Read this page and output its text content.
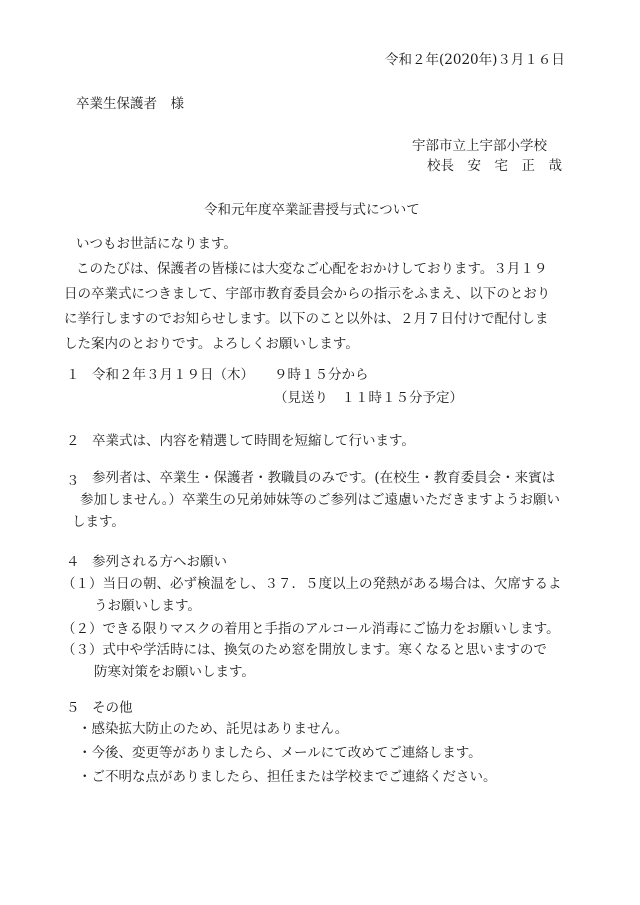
令和２年(2020年)３月１６日
卒業生保護者　様
宇部市立上宇部小学校
校長　安　宅　正　哉
令和元年度卒業証書授与式について
いつもお世話になります。
このたびは、保護者の皆様には大変なご心配をおかけしております。３月１９
日の卒業式につきまして、宇部市教育委員会からの指示をふまえ、以下のとおり
に挙行しますのでお知らせします。以下のこと以外は、２月７日付けで配付しま
した案内のとおりです。よろしくお願いします。
１ 令和２年３月１９日（木） ９時１５分から
（見送り　１１時１５分予定）
２ 卒業式は、内容を精選して時間を短縮して行います。
３ 参列者は、卒業生・保護者・教職員のみです。(在校生・教育委員会・来賓は
参加しません。）卒業生の兄弟姉妹等のご参列はご遠慮いただきますようお願い
します。
４ 参列される方へお願い
（１）当日の朝、必ず検温をし、３７．５度以上の発熱がある場合は、欠席するよ
うお願いします。
（２）できる限りマスクの着用と手指のアルコール消毒にご協力をお願いします。
（３）式中や学活時には、換気のため窓を開放します。寒くなると思いますので
防寒対策をお願いします。
５ その他
・感染拡大防止のため、託児はありません。
・今後、変更等がありましたら、メールにて改めてご連絡します。
・ご不明な点がありましたら、担任または学校までご連絡ください。
